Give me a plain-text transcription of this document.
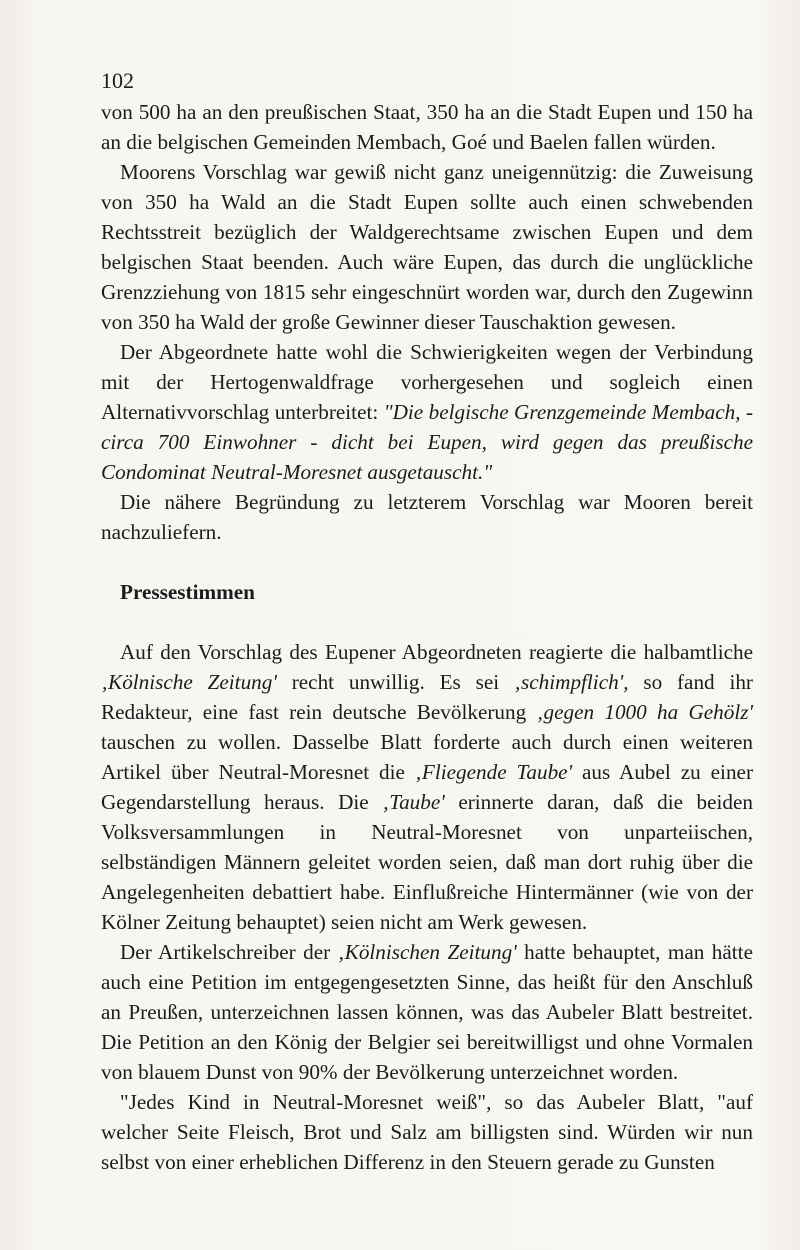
102

von 500 ha an den preußischen Staat, 350 ha an die Stadt Eupen und 150 ha an die belgischen Gemeinden Membach, Goé und Baelen fallen würden.

Moorens Vorschlag war gewiß nicht ganz uneigennützig: die Zuweisung von 350 ha Wald an die Stadt Eupen sollte auch einen schwebenden Rechtsstreit bezüglich der Waldgerechtsame zwischen Eupen und dem belgischen Staat beenden. Auch wäre Eupen, das durch die unglückliche Grenzziehung von 1815 sehr eingeschnürt worden war, durch den Zugewinn von 350 ha Wald der große Gewinner dieser Tauschaktion gewesen.

Der Abgeordnete hatte wohl die Schwierigkeiten wegen der Verbindung mit der Hertogenwaldfrage vorhergesehen und sogleich einen Alternativvorschlag unterbreitet: "Die belgische Grenzgemeinde Membach, - circa 700 Einwohner - dicht bei Eupen, wird gegen das preußische Condominat Neutral-Moresnet ausgetauscht."

Die nähere Begründung zu letzterem Vorschlag war Mooren bereit nachzuliefern.

Pressestimmen

Auf den Vorschlag des Eupener Abgeordneten reagierte die halbamtliche ‚Kölnische Zeitung' recht unwillig. Es sei ‚schimpflich', so fand ihr Redakteur, eine fast rein deutsche Bevölkerung ‚gegen 1000 ha Gehölz' tauschen zu wollen. Dasselbe Blatt forderte auch durch einen weiteren Artikel über Neutral-Moresnet die ‚Fliegende Taube' aus Aubel zu einer Gegendarstellung heraus. Die ‚Taube' erinnerte daran, daß die beiden Volksversammlungen in Neutral-Moresnet von unparteiischen, selbständigen Männern geleitet worden seien, daß man dort ruhig über die Angelegenheiten debattiert habe. Einflußreiche Hintermänner (wie von der Kölner Zeitung behauptet) seien nicht am Werk gewesen.

Der Artikelschreiber der ‚Kölnischen Zeitung' hatte behauptet, man hätte auch eine Petition im entgegengesetzten Sinne, das heißt für den Anschluß an Preußen, unterzeichnen lassen können, was das Aubeler Blatt bestreitet. Die Petition an den König der Belgier sei bereitwilligst und ohne Vormalen von blauem Dunst von 90% der Bevölkerung unterzeichnet worden.

"Jedes Kind in Neutral-Moresnet weiß", so das Aubeler Blatt, "auf welcher Seite Fleisch, Brot und Salz am billigsten sind. Würden wir nun selbst von einer erheblichen Differenz in den Steuern gerade zu Gunsten
